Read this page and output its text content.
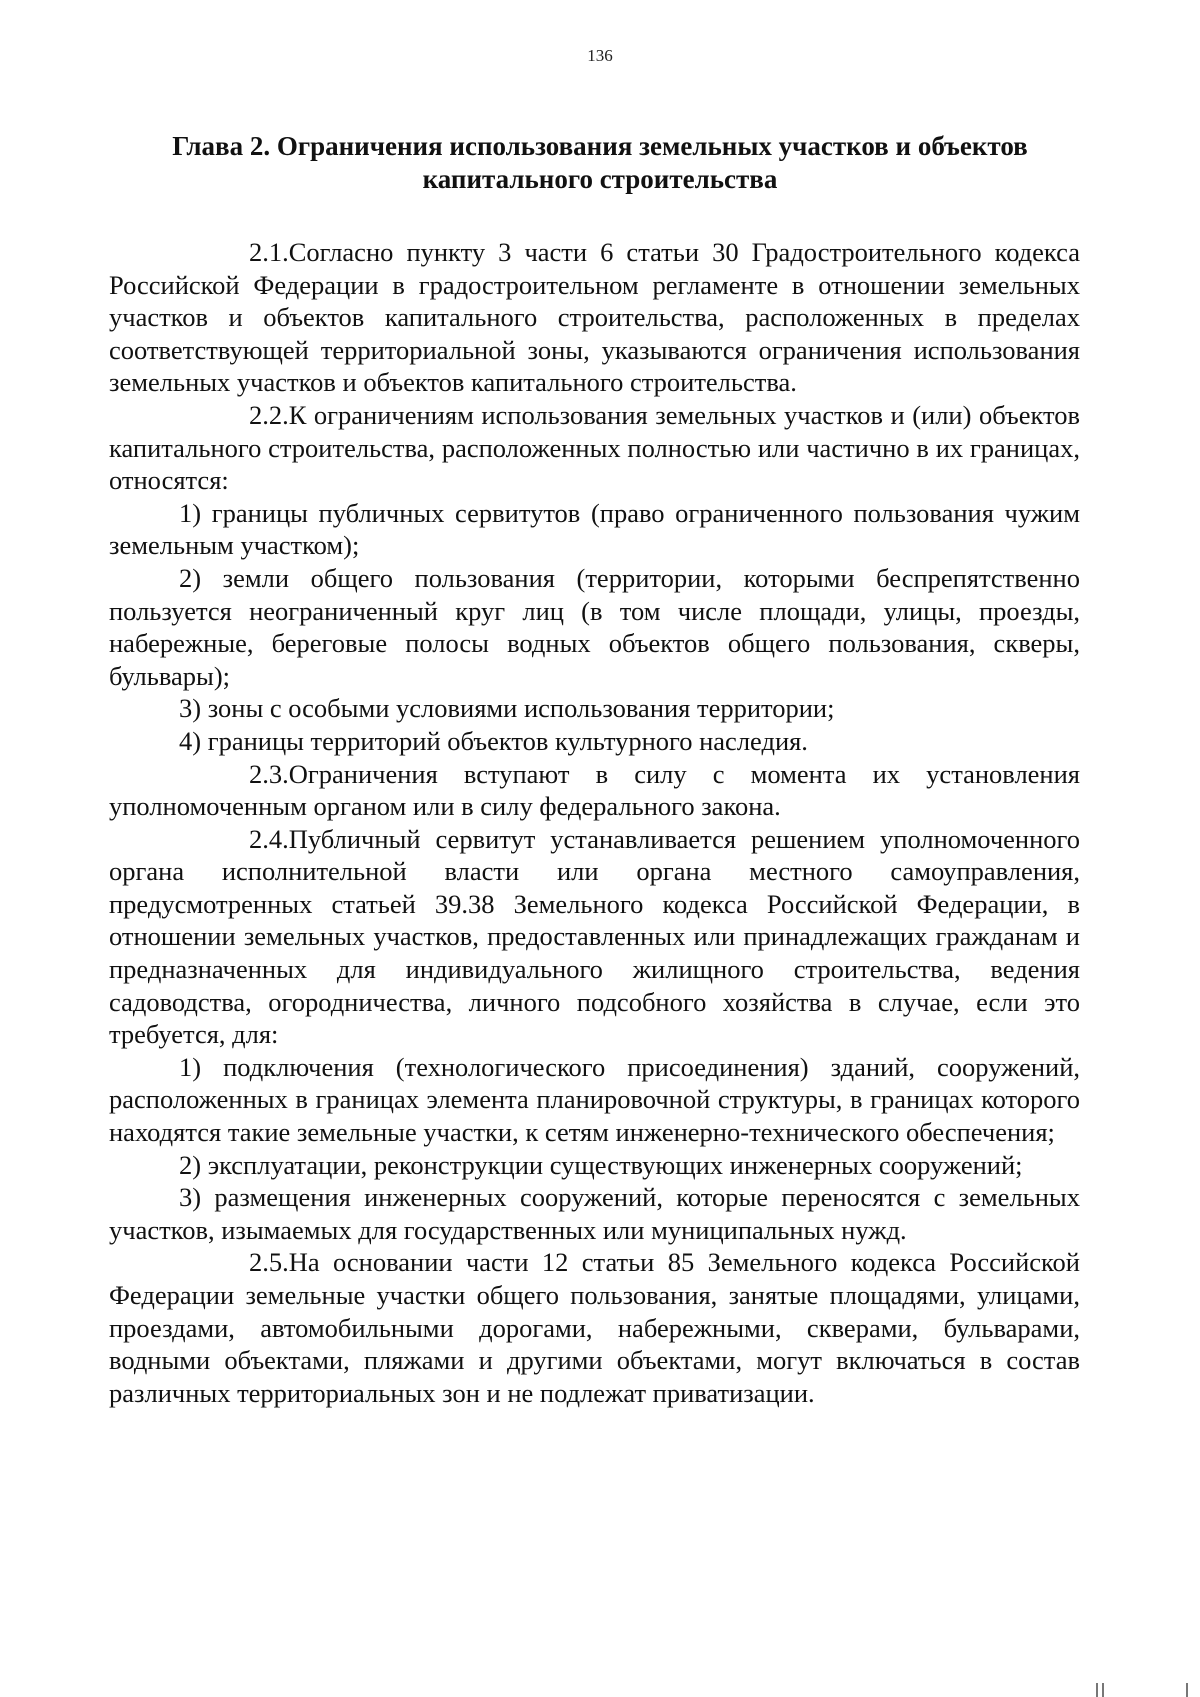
136
Глава 2. Ограничения использования земельных участков и объектов
капитального строительства

2.1.Согласно пункту 3 части 6 статьи 30 Градостроительного кодекса Российской Федерации в градостроительном регламенте в отношении земельных участков и объектов капитального строительства, расположенных в пределах соответствующей территориальной зоны, указываются ограничения использования земельных участков и объектов капитального строительства.

2.2.К ограничениям использования земельных участков и (или) объектов капитального строительства, расположенных полностью или частично в их границах, относятся:

1) границы публичных сервитутов (право ограниченного пользования чужим земельным участком);

2) земли общего пользования (территории, которыми беспрепятственно пользуется неограниченный круг лиц (в том числе площади, улицы, проезды, набережные, береговые полосы водных объектов общего пользования, скверы, бульвары);

3) зоны с особыми условиями использования территории;

4) границы территорий объектов культурного наследия.

2.3.Ограничения вступают в силу с момента их установления уполномоченным органом или в силу федерального закона.

2.4.Публичный сервитут устанавливается решением уполномоченного органа исполнительной власти или органа местного самоуправления, предусмотренных статьей 39.38 Земельного кодекса Российской Федерации, в отношении земельных участков, предоставленных или принадлежащих гражданам и предназначенных для индивидуального жилищного строительства, ведения садоводства, огородничества, личного подсобного хозяйства в случае, если это требуется, для:

1) подключения (технологического присоединения) зданий, сооружений, расположенных в границах элемента планировочной структуры, в границах которого находятся такие земельные участки, к сетям инженерно-технического обеспечения;

2) эксплуатации, реконструкции существующих инженерных сооружений;

3) размещения инженерных сооружений, которые переносятся с земельных участков, изымаемых для государственных или муниципальных нужд.

2.5.На основании части 12 статьи 85 Земельного кодекса Российской Федерации земельные участки общего пользования, занятые площадями, улицами, проездами, автомобильными дорогами, набережными, скверами, бульварами, водными объектами, пляжами и другими объектами, могут включаться в состав различных территориальных зон и не подлежат приватизации.
